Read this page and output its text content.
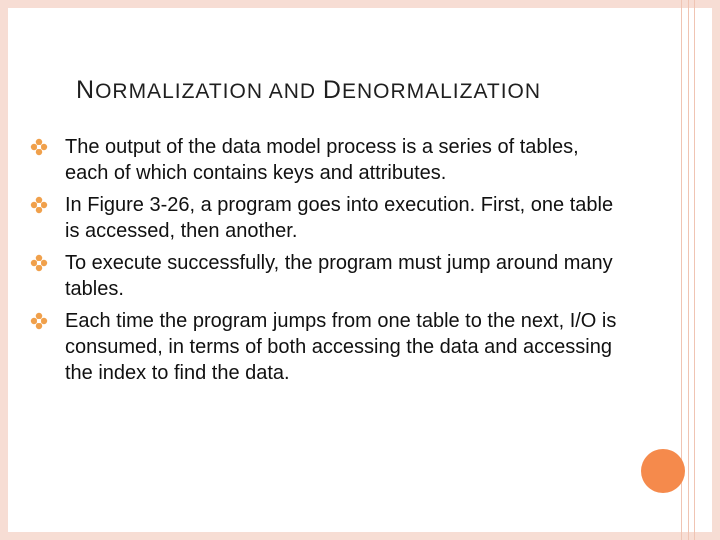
NORMALIZATION AND DENORMALIZATION
The output of the data model process is a series of tables, each of which contains keys and attributes.
In Figure 3-26, a program goes into execution. First, one table is accessed, then another.
To execute successfully, the program must jump around many tables.
Each time the program jumps from one table to the next, I/O is consumed, in terms of both accessing the data and accessing the index to find the data.
